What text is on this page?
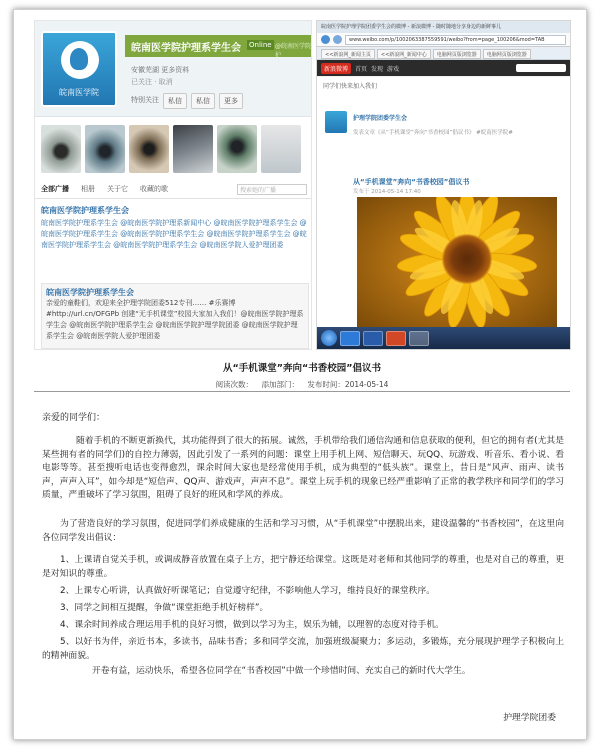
皖南医学院
皖南医学院护理系学生会 Online @皖南医学院护
安徽芜湖 更多资料
已关注 · 取消
特别关注	私信	私信	更多
全部广播 相册 关于它 收藏的歌	搜索她的广播
皖南医学院护理系学生会
皖南医学院护理系学生会 @皖南医学院护理系新闻中心 @皖南医学院护理系学生会 @皖南医学院护理系学生会 @皖南医学院护理系学生会 @皖南医学院护理系学生会 @皖南医学院护理系学生会 @皖南医学院护理系学生会 @皖南医学院人爱护理团委
皖南医学院护理系学生会
亲爱的童鞋们，欢迎来全护理学院团委512专刊…… #乐赛博#http://url.cn/OFGPb 创建“无手机课堂”校园大家加入我们！@皖南医学院护理系学生会 @皖南医学院护理系学生会 @皖南医学院护理学院团委 @皖南医学院护理系学生会 @皖南医学院人爱护理团委
皖南医学院护理学院团委学生会的微博 - 新浪微博 - 随时随地分享身边的新鲜事儿
www.weibo.com/p/1002063387559591/weibo?from=page_100206&mod=TAB
<<新浪网_新闻主页	<<新浪网_新闻中心	电脑网页版浏览器	电脑网页版浏览器
新浪微博	首页 发现 游戏
同学们快来加入我们
护理学院团委学生会
发表文章《从“手机课堂”奔向“书香校园”倡议书》 #皖南医学院#
从“手机课堂”奔向“书香校园”倡议书
发布于 2014-05-14 17:40
从“手机课堂”奔向“书香校园”倡议书
阅读次数： 添加部门： 发布时间：2014-05-14
亲爱的同学们：
随着手机的不断更新换代，其功能得到了很大的拓展。诚然，手机带给我们通信沟通和信息获取的便利，但它的拥有者(尤其是某些拥有者的同学们)的自控力薄弱，因此引发了一系列的问题：课堂上用手机上网、短信聊天、玩QQ、玩游戏、听音乐、看小说、看电影等等。甚至搜听电话也变得愈烈，课余时间大家也是经常使用手机，成为典型的“低头族”。课堂上，昔日是“风声、雨声、读书声，声声入耳”，如今却是“短信声、QQ声、游戏声，声声不息”。课堂上玩手机的现象已经严重影响了正常的教学秩序和同学们的学习质量，严重破坏了学习氛围，阻碍了良好的班风和学风的养成。
为了营造良好的学习氛围，促进同学们养成健康的生活和学习习惯，从“手机课堂”中摆脱出来，建设温馨的“书香校园”，在这里向各位同学发出倡议：
1、上课请自觉关手机，或调成静音放置在桌子上方，把宁静还给课堂。这既是对老师和其他同学的尊重，也是对自己的尊重，更是对知识的尊重。
2、上课专心听讲，认真做好听课笔记；自觉遵守纪律，不影响他人学习，维持良好的课堂秩序。
3、同学之间相互提醒，争做“课堂拒绝手机好榜样”。
4、课余时间养成合理运用手机的良好习惯，做到以学习为主，娱乐为辅，以理智的态度对待手机。
5、以好书为伴，亲近书本，多读书，品味书香；多和同学交流，加强班级凝聚力；多运动，多锻炼，充分展现护理学子积极向上的精神面貌。
开卷有益，运动快乐，希望各位同学在“书香校园”中做一个珍惜时间、充实自己的新时代大学生。
护理学院团委
